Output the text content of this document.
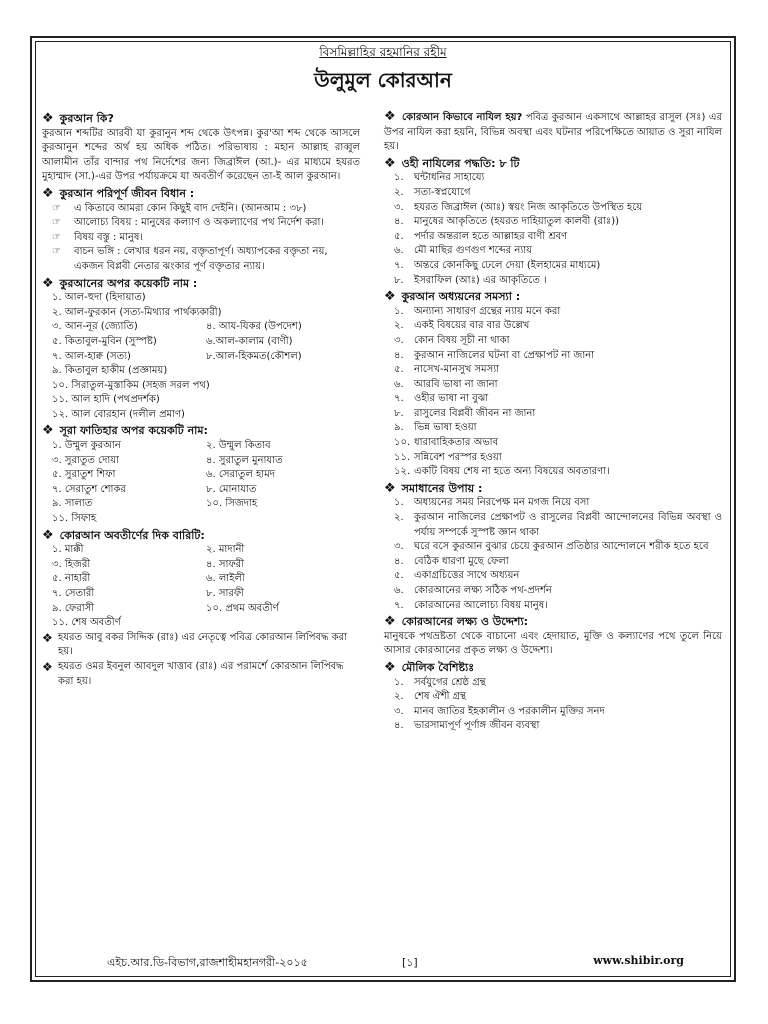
বিসমিল্লাহির রহমানির রহীম
উলুমুল কোরআন
❖ কুরআন কি?
কুরআন শব্দটির আরবী যা কুরানুন শব্দ থেকে উৎপন্ন। কুর'আ শব্দ থেকে আসলে কুরআনুন শব্দের অর্থ হয় অধিক পঠিত। পরিভাষায় : মহান আল্লাহ রাব্বুল আলামীন তাঁর বান্দার পথ নির্দেশের জন্য জিব্রাঈল (আ.)- এর মাধ্যমে হযরত মুহাম্মাদ (সা.)-এর উপর পর্যায়ক্রমে যা অবতীর্ণ করেছেন তা-ই আল কুরআন।
❖ কুরআন পরিপূর্ণ জীবন বিধান :
☞	এ কিতাবে আমরা কোন কিছুই বাদ দেইনি। (আনআম : ৩৮)
☞	আলোচ্য বিষয় : মানুষের কল্যাণ ও অকল্যাণের পথ নির্দেশ করা।
☞	বিষয় বস্তু : মানুষ।
☞	বাচন ভঙ্গি : লেখার ধরন নয়, বক্তৃতাপূর্ণ। অধ্যাপকের বক্তৃতা নয়, একজন বিপ্লবী নেতার ঝংকার পূর্ণ বক্তৃতার ন্যায়।
❖ কুরআনের অপর কয়েকটি নাম :
১. আল-হুদা (হিদায়াত)
২. আল-ফুরকান (সত্য-মিথ্যার পার্থক্যকারী)
৩. আন-নূর (জ্যোতি)	৪. আয-যিকর (উপদেশ)
৫. কিতাবুল-মুবিন (সুস্পষ্ট)	৬.আল-কালাম (বাণী)
৭. আল-হাক্ব (সত্য)	৮.আল-হিকমত(কৌশল)
৯. কিতাবুল হাকীম (প্রজ্ঞাময়)
১০. সিরাতুল-মুস্তাকিম (সহজ সরল পথ)
১১. আল হাদি (পথপ্রদর্শক)
১২. আল বোরহান (দলীল প্রমাণ)
❖ সূরা ফাতিহার অপর কয়েকটি নাম:
১. উম্মুল কুরআন	২. উম্মুল কিতাব
৩. সুরাতুত দোয়া	৪. সুরাতুল মুনাযাত
৫. সুরাতুশ শিফা	৬. সেরাতুল হামদ
৭. সেরাতুশ শোকর	৮. মোনাযাত
৯. সালাত	১০. সিজদাহ
১১. সিফাহ
❖ কোরআন অবতীর্ণের দিক বারিটি:
১. মাক্কী	২. মাদানী
৩. হিজরী	৪. সাফরী
৫. নাহারী	৬. লাইলী
৭. সেতারী	৮. সারফী
৯. ফেরাসী	১০. প্রথম অবতীর্ণ
১১. শেষ অবতীর্ণ
❖ হযরত আবু বকর সিদ্দিক (রাঃ) এর নেতৃত্বে পবিত্র কোরআন লিপিবদ্ধ করা হয়।
❖ হযরত ওমর ইবনুল আবদুল খাত্তাব (রাঃ) এর পরামর্শে কোরআন লিপিবদ্ধ করা হয়।
❖ কোরআন কিভাবে নাযিল হয়? পবিত্র কুরআন একসাথে আল্লাহর রাসুল (সঃ) এর উপর নাযিল করা হয়নি, বিভিন্ন অবস্থা এবং ঘটনার পরিপেক্ষিতে আয়াত ও সুরা নাযিল হয়।
❖ ওহী নাযিলের পদ্ধতি: ৮ টি
১.	ঘন্টাধনির সাহায্যে
২.	সত্য-স্বপ্নযোগে
৩.	হযরত জিব্রাঈল (আঃ) স্বয়ং নিজ আকৃতিতে উপস্থিত হয়ে
৪.	মানুষের আকৃতিতে (হযরত দাহিয়াতুল কালবী (রাঃ))
৫.	পর্দার অন্তরাল হতে আল্লাহর বাণী শ্রবণ
৬.	মৌ মাছির গুণগুণ শব্দের ন্যায়
৭.	অন্তরে কোনকিছু ঢেলে দেয়া (ইলহামের মাধ্যমে)
৮.	ইসরাফিল (আঃ) এর আকৃতিতে ।
❖ কুরআন অধ্যয়নের সমস্যা :
১.	অন্যান্য সাধারণ গ্রন্থের ন্যায় মনে করা
২.	একই বিষয়ের বার বার উল্লেখ
৩.	কোন বিষয় সূচী না থাকা
৪.	কুরআন নাজিলের ঘটনা বা প্রেক্ষাপট না জানা
৫.	নাসেখ-মানসুখ সমস্যা
৬.	আরবি ভাষা না জানা
৭.	ওহীর ভাষা না বুঝা
৮.	রাসুলের বিপ্লবী জীবন না জানা
৯.	ভিন্ন ভাষা হওয়া
১০. ধারাবাহিকতার অভাব
১১. সন্নিবেশ পরস্পর হওয়া
১২. একটি বিষয় শেষ না হতে অন্য বিষয়ের অবতারণা।
❖ সমাধানের উপায় :
১.	অধ্যয়নের সময় নিরপেক্ষ মন মগজ নিয়ে বসা
২.	কুরআন নাজিলের প্রেক্ষাপট ও রাসুলের বিপ্লবী আন্দোলনের বিভিন্ন অবস্থা ও পর্যায় সম্পর্কে সুস্পষ্ট জ্ঞান থাকা
৩.	ঘরে বসে কুরআন বুঝার চেয়ে কুরআন প্রতিষ্ঠার আন্দোলনে শরীক হতে হবে
৪.	বেঠিক ধারণা মুছে ফেলা
৫.	একাগ্রচিত্তের সাথে অধ্যয়ন
৬.	কোরআনের লক্ষ্য সঠিক পথ-প্রদর্শন
৭.	কোরআনের আলোচ্য বিষয় মানুষ।
❖ কোরআনের লক্ষ্য ও উদ্দেশ্য:
মানুষকে পথভ্রষ্টতা থেকে বাচানো এবং হেদায়াত, মুক্তি ও কল্যাণের পথে তুলে নিয়ে আসার কোরআনের প্রকৃত লক্ষ্য ও উদ্দেশ্য।
❖ মৌলিক বৈশিষ্ট্যঃ
১.	সর্বযুগের শ্রেষ্ঠ গ্রন্থ
২.	শেষ ঐশী গ্রন্থ
৩.	মানব জাতির ইহকালীন ও পরকালীন মুক্তির সনদ
৪.	ভারসাম্যপূর্ণ পূর্ণাঙ্গ জীবন ব্যবস্থা
এইচ.আর.ডি-বিভাগ,রাজশাহীমহানগরী-২০১৫	[১]	www.shibir.org
